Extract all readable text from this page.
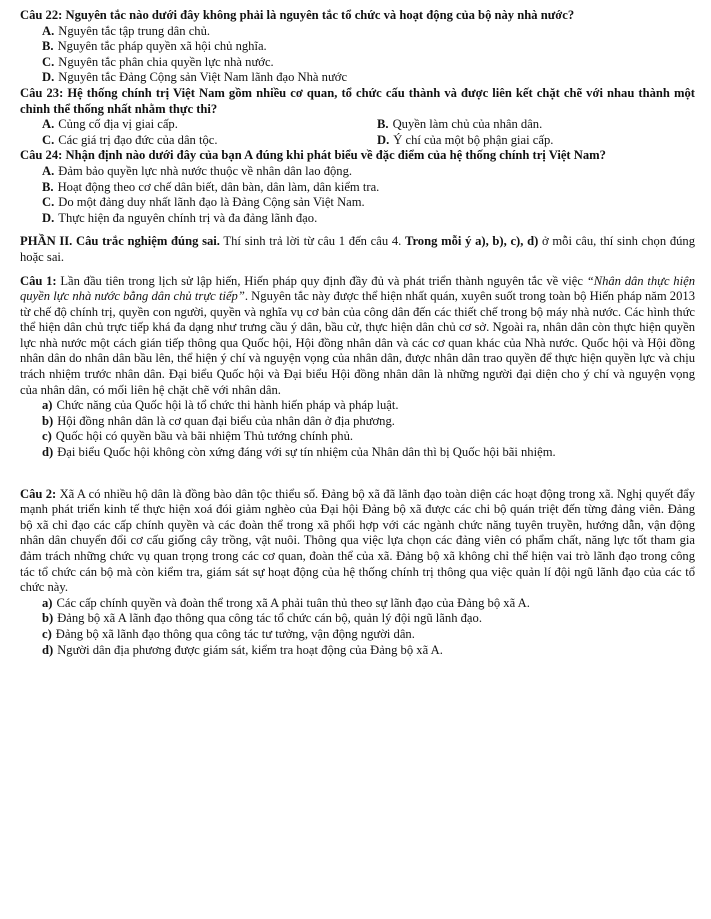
Câu 22: Nguyên tắc nào dưới đây không phải là nguyên tắc tổ chức và hoạt động của bộ này nhà nước?
A. Nguyên tắc tập trung dân chủ.
B. Nguyên tắc pháp quyền xã hội chủ nghĩa.
C. Nguyên tắc phân chia quyền lực nhà nước.
D. Nguyên tắc Đảng Cộng sản Việt Nam lãnh đạo Nhà nước
Câu 23: Hệ thống chính trị Việt Nam gồm nhiều cơ quan, tổ chức cấu thành và được liên kết chặt chẽ với nhau thành một chỉnh thể thống nhất nhằm thực thi?
A. Củng cố địa vị giai cấp.	B. Quyền làm chủ của nhân dân.
C. Các giá trị đạo đức của dân tộc.	D. Ý chí của một bộ phận giai cấp.
Câu 24: Nhận định nào dưới đây của bạn A đúng khi phát biểu về đặc điểm của hệ thống chính trị Việt Nam?
A. Đảm bảo quyền lực nhà nước thuộc về nhân dân lao động.
B. Hoạt động theo cơ chế dân biết, dân bàn, dân làm, dân kiểm tra.
C. Do một đảng duy nhất lãnh đạo là Đảng Cộng sản Việt Nam.
D. Thực hiện đa nguyên chính trị và đa đảng lãnh đạo.
PHẦN II. Câu trắc nghiệm đúng sai. Thí sinh trả lời từ câu 1 đến câu 4. Trong mỗi ý a), b), c), d) ở mỗi câu, thí sinh chọn đúng hoặc sai.
Câu 1: Lần đầu tiên trong lịch sử lập hiến, Hiến pháp quy định đầy đủ và phát triển thành nguyên tắc về việc “Nhân dân thực hiện quyền lực nhà nước bằng dân chủ trực tiếp”. Nguyên tắc này được thể hiện nhất quán, xuyên suốt trong toàn bộ Hiến pháp năm 2013 từ chế độ chính trị, quyền con người, quyền và nghĩa vụ cơ bản của công dân đến các thiết chế trong bộ máy nhà nước. Các hình thức thể hiện dân chủ trực tiếp khá đa dạng như trưng cầu ý dân, bầu cử, thực hiện dân chủ cơ sở. Ngoài ra, nhân dân còn thực hiện quyền lực nhà nước một cách gián tiếp thông qua Quốc hội, Hội đồng nhân dân và các cơ quan khác của Nhà nước. Quốc hội và Hội đồng nhân dân do nhân dân bầu lên, thể hiện ý chí và nguyện vọng của nhân dân, được nhân dân trao quyền để thực hiện quyền lực và chịu trách nhiệm trước nhân dân. Đại biểu Quốc hội và Đại biểu Hội đồng nhân dân là những người đại diện cho ý chí và nguyện vọng của nhân dân, có mối liên hệ chặt chẽ với nhân dân.
a) Chức năng của Quốc hội là tổ chức thi hành hiến pháp và pháp luật.
b) Hội đồng nhân dân là cơ quan đại biểu của nhân dân ở địa phương.
c) Quốc hội có quyền bầu và bãi nhiệm Thủ tướng chính phủ.
d) Đại biểu Quốc hội không còn xứng đáng với sự tín nhiệm của Nhân dân thì bị Quốc hội bãi nhiệm.
Câu 2: Xã A có nhiều hộ dân là đồng bào dân tộc thiểu số. Đảng bộ xã đã lãnh đạo toàn diện các hoạt động trong xã. Nghị quyết đẩy mạnh phát triển kinh tế thực hiện xoá đói giảm nghèo của Đại hội Đảng bộ xã được các chi bộ quán triệt đến từng đảng viên. Đảng bộ xã chỉ đạo các cấp chính quyền và các đoàn thể trong xã phối hợp với các ngành chức năng tuyên truyền, hướng dẫn, vận động nhân dân chuyển đổi cơ cấu giống cây trồng, vật nuôi. Thông qua việc lựa chọn các đảng viên có phẩm chất, năng lực tốt tham gia đảm trách những chức vụ quan trọng trong các cơ quan, đoàn thể của xã. Đảng bộ xã không chỉ thể hiện vai trò lãnh đạo trong công tác tổ chức cán bộ mà còn kiểm tra, giám sát sự hoạt động của hệ thống chính trị thông qua việc quản lí đội ngũ lãnh đạo của các tổ chức này.
a) Các cấp chính quyền và đoàn thể trong xã A phải tuân thủ theo sự lãnh đạo của Đảng bộ xã A.
b) Đảng bộ xã A lãnh đạo thông qua công tác tổ chức cán bộ, quản lý đội ngũ lãnh đạo.
c) Đảng bộ xã lãnh đạo thông qua công tác tư tưởng, vận động người dân.
d) Người dân địa phương được giám sát, kiểm tra hoạt động của Đảng bộ xã A.
